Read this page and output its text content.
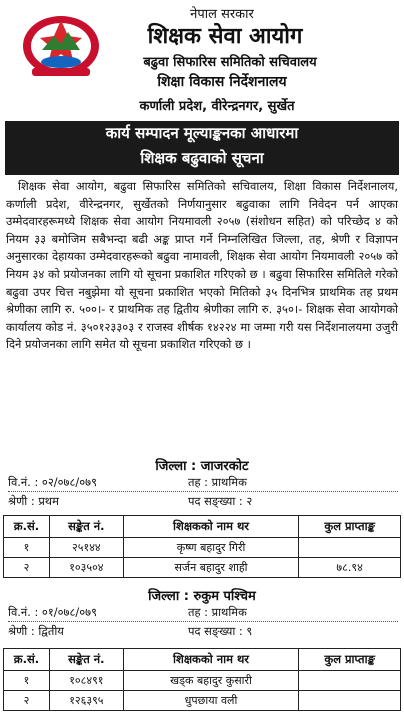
नेपाल सरकार
शिक्षक सेवा आयोग
बढुवा सिफारिस समितिको सचिवालय
शिक्षा विकास निर्देशनालय
कर्णाली प्रदेश, वीरेन्द्रनगर, सुर्खेत
कार्य सम्पादन मूल्याङ्कनका आधारमा
शिक्षक बढुवाको सूचना
शिक्षक सेवा आयोग, बढुवा सिफारिस समितिको सचिवालय, शिक्षा विकास निर्देशनालय, कर्णाली प्रदेश, वीरेन्द्रनगर, सुर्खेतको निर्णयानुसार बढुवाका लागि निवेदन पर्न आएका उम्मेदवारहरूमध्ये शिक्षक सेवा आयोग नियमावली २०५७ (संशोधन सहित) को परिच्छेद ४ को नियम ३३ बमोजिम सबैभन्दा बढी अङ्क प्राप्त गर्ने निम्नलिखित जिल्ला, तह, श्रेणी र विज्ञापन अनुसारका देहायका उम्मेदवारहरूको बढुवा नामावली, शिक्षक सेवा आयोग नियमावली २०५७ को नियम ३४ को प्रयोजनका लागि यो सूचना प्रकाशित गरिएको छ । बढुवा सिफारिस समितिले गरेको बढुवा उपर चित्त नबुझेमा यो सूचना प्रकाशित भएको मितिको ३५ दिनभित्र प्राथमिक तह प्रथम श्रेणीका लागि रु. ५००।- र प्राथमिक तह द्वितीय श्रेणीका लागि रु. ३५०।- शिक्षक सेवा आयोगको कार्यालय कोड नं. ३५०१२३३०३ र राजस्व शीर्षक १४२२४ मा जम्मा गरी यस निर्देशनालयमा उजुरी दिने प्रयोजनका लागि समेत यो सूचना प्रकाशित गरिएको छ ।
जिल्ला : जाजरकोट
वि.नं. : ०२/०७८/०७९	तह : प्राथमिक
श्रेणी : प्रथम	पद सङ्ख्या : २
क्र.सं.	सङ्केत नं.	शिक्षकको नाम थर	कुल प्राप्ताङ्क
१	२५१४४	कृष्ण बहादुर गिरी	
२	१०३५०४	सर्जन बहादुर शाही	७८.९४
जिल्ला : रुकुम पश्चिम
वि.नं. : ०१/०७८/०७९	तह : प्राथमिक
श्रेणी : द्वितीय	पद सङ्ख्या : ९
क्र.सं.	सङ्केत नं.	शिक्षकको नाम थर	कुल प्राप्ताङ्क
१	१०८४९१	खड्क बहादुर कुसारी	
२	१२६३९५	धुपछाया वली	
